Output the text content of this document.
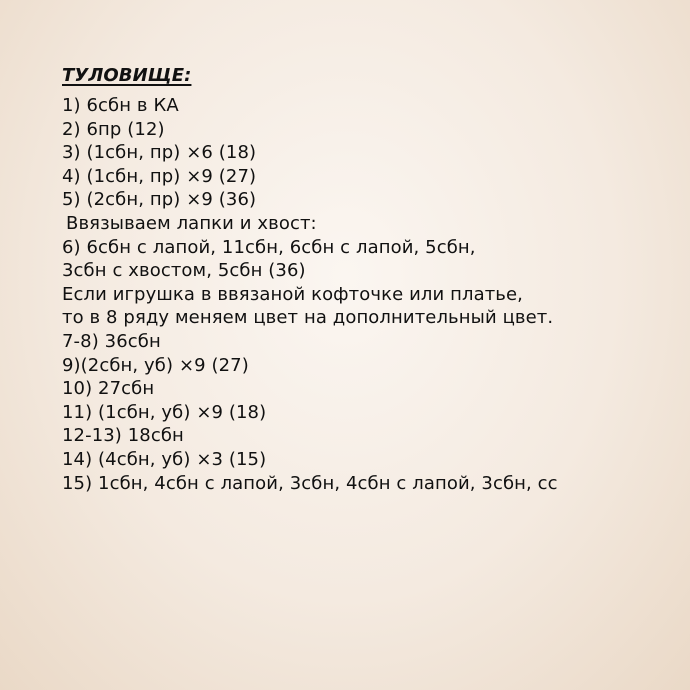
ТУЛОВИЩЕ:
1) 6сбн в КА
2) 6пр (12)
3) (1сбн, пр) ×6 (18)
4) (1сбн, пр) ×9 (27)
5) (2сбн, пр) ×9 (36)
Ввязываем лапки и хвост:
6) 6сбн с лапой, 11сбн, 6сбн с лапой, 5сбн,
3сбн с хвостом, 5сбн (36)
Если игрушка в ввязаной кофточке или платье,
то в 8 ряду меняем цвет на дополнительный цвет.
7-8) 36сбн
9)(2сбн, уб) ×9 (27)
10) 27сбн
11) (1сбн, уб) ×9 (18)
12-13) 18сбн
14) (4сбн, уб) ×3 (15)
15) 1сбн, 4сбн с лапой, 3сбн, 4сбн с лапой, 3сбн, сс
